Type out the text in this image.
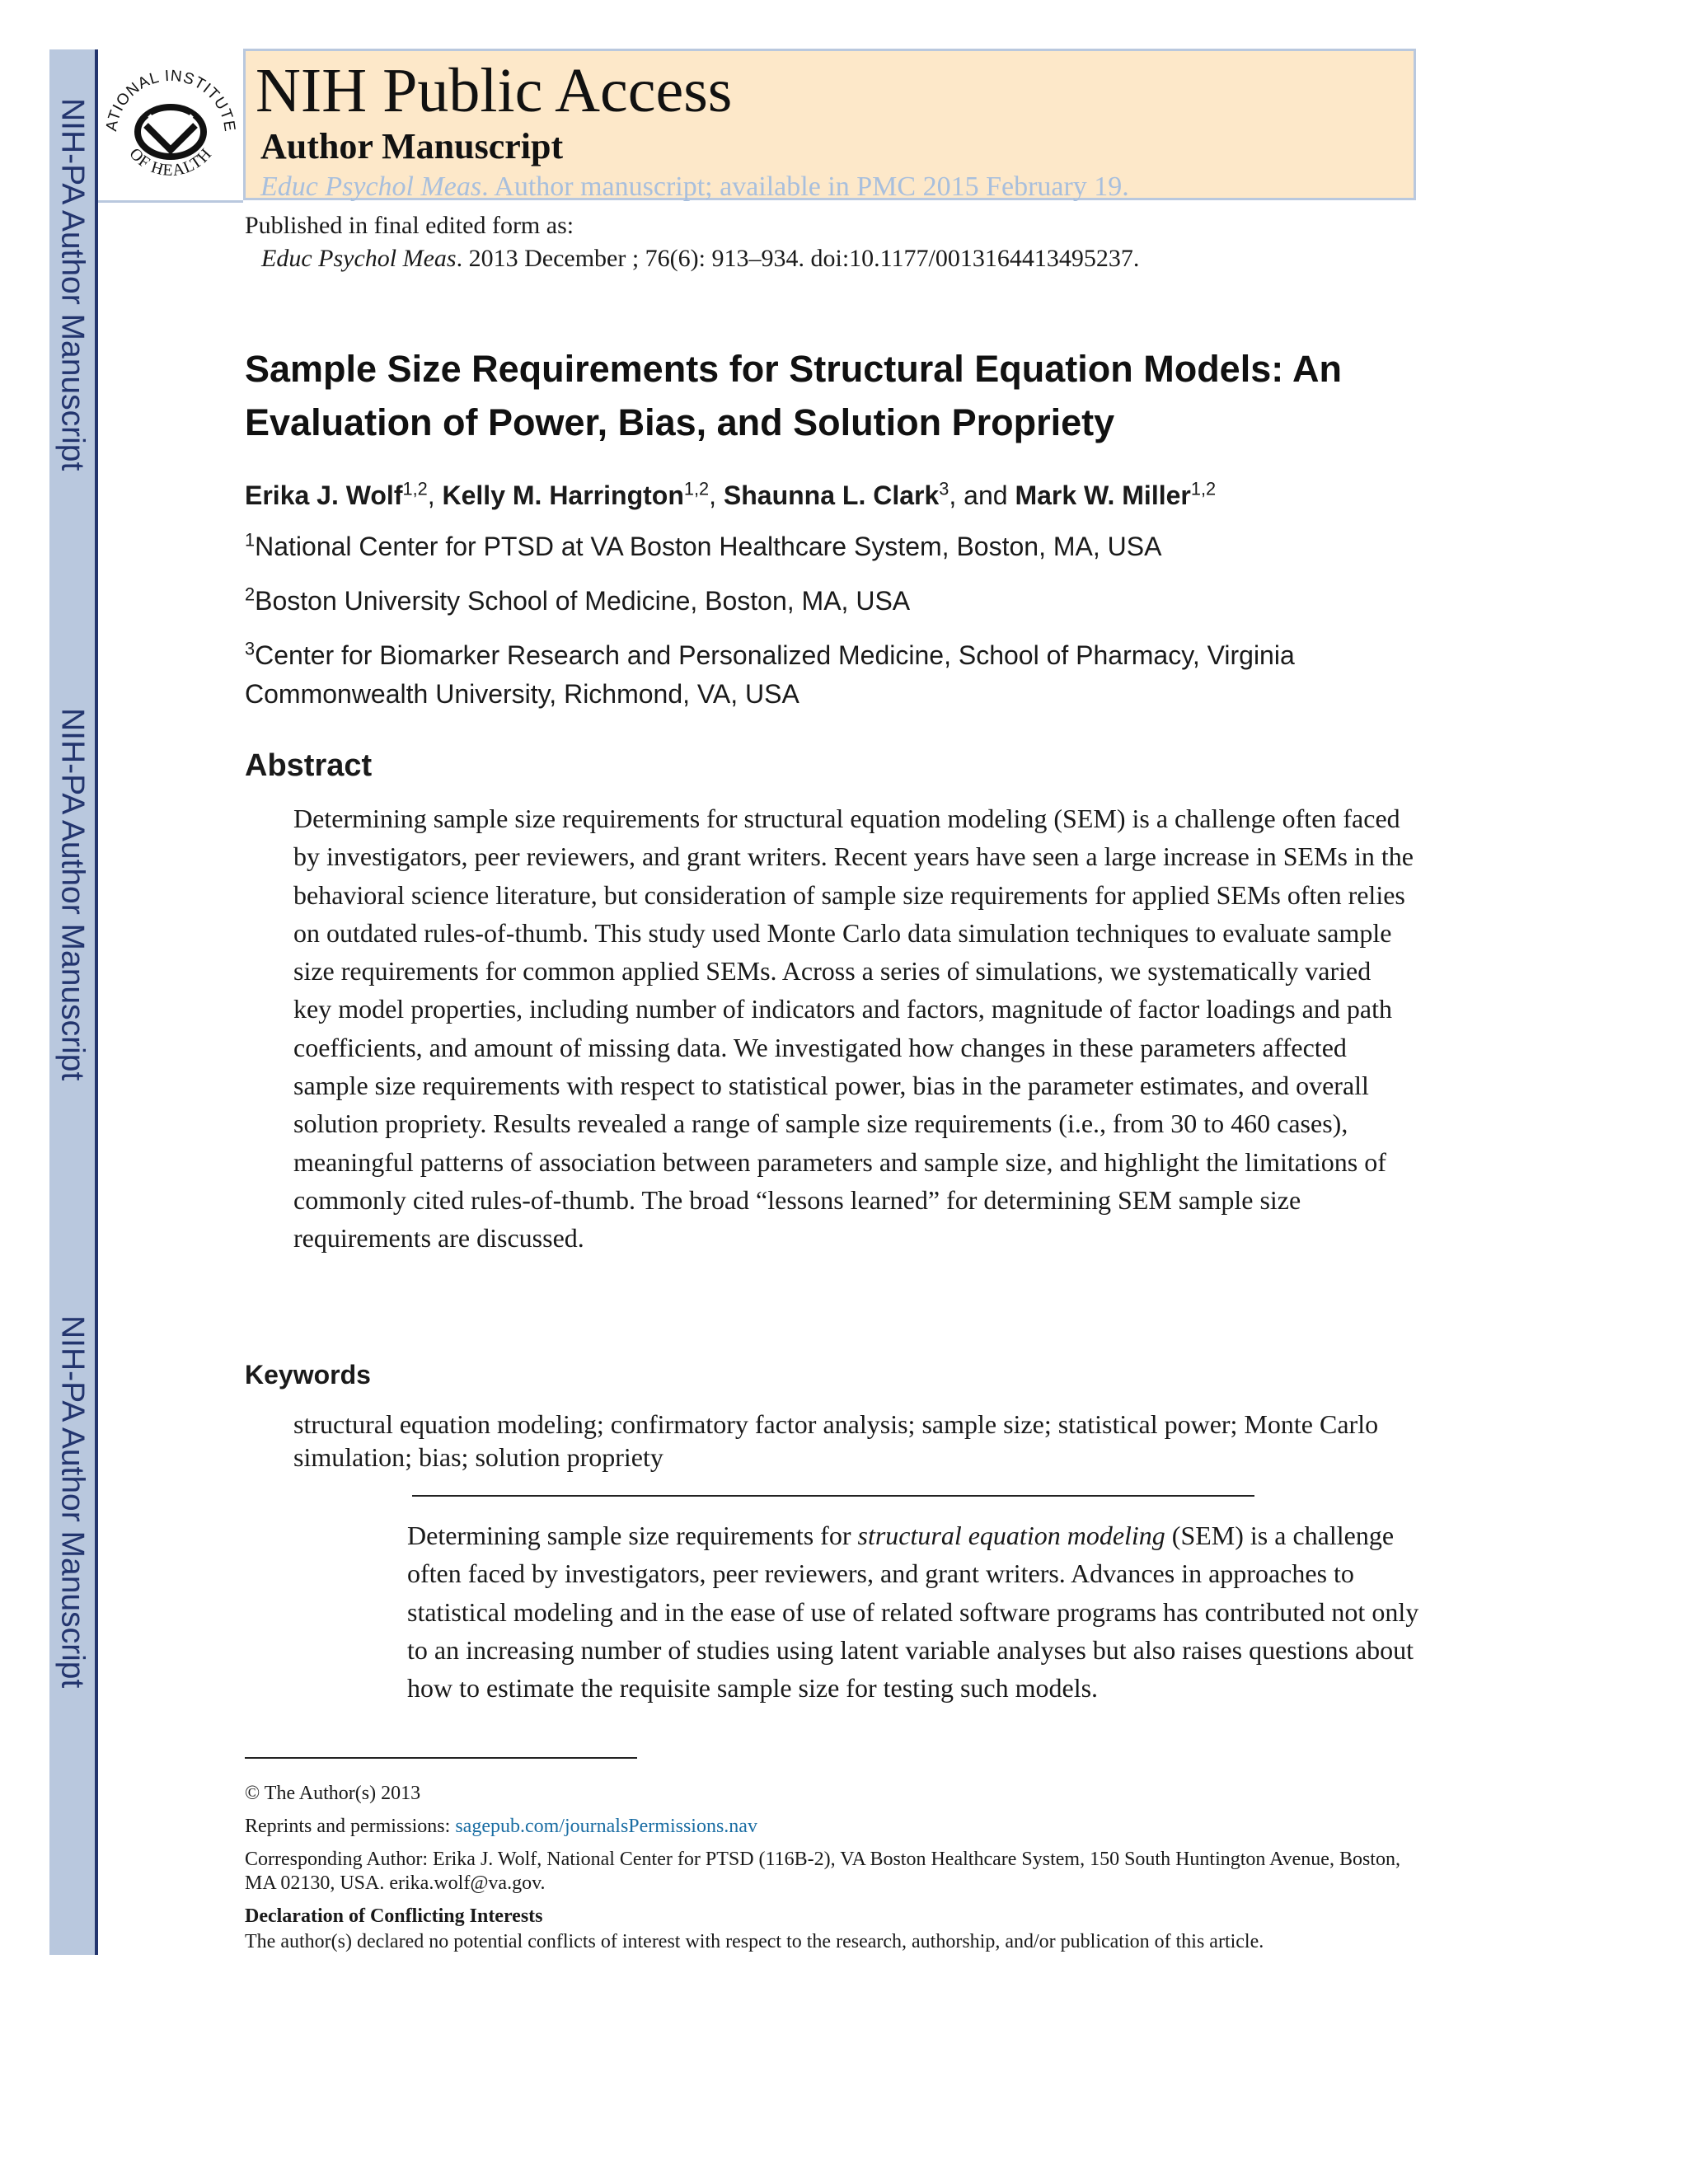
NIH-PA Author Manuscript
NIH-PA Author Manuscript
NIH-PA Author Manuscript
ATIONAL INSTITUTE
OF HEALTH
NIH Public Access
Author Manuscript
Educ Psychol Meas. Author manuscript; available in PMC 2015 February 19.
Published in final edited form as:
Educ Psychol Meas. 2013 December ; 76(6): 913–934. doi:10.1177/0013164413495237.
Sample Size Requirements for Structural Equation Models: An Evaluation of Power, Bias, and Solution Propriety
Erika J. Wolf$^{1,2}$, Kelly M. Harrington$^{1,2}$, Shaunna L. Clark$^3$, and Mark W. Miller$^{1,2}$
$^1$National Center for PTSD at VA Boston Healthcare System, Boston, MA, USA
$^2$Boston University School of Medicine, Boston, MA, USA
$^3$Center for Biomarker Research and Personalized Medicine, School of Pharmacy, Virginia Commonwealth University, Richmond, VA, USA
Abstract

Determining sample size requirements for structural equation modeling (SEM) is a challenge often faced by investigators, peer reviewers, and grant writers. Recent years have seen a large increase in SEMs in the behavioral science literature, but consideration of sample size requirements for applied SEMs often relies on outdated rules-of-thumb. This study used Monte Carlo data simulation techniques to evaluate sample size requirements for common applied SEMs. Across a series of simulations, we systematically varied key model properties, including number of indicators and factors, magnitude of factor loadings and path coefficients, and amount of missing data. We investigated how changes in these parameters affected sample size requirements with respect to statistical power, bias in the parameter estimates, and overall solution propriety. Results revealed a range of sample size requirements (i.e., from 30 to 460 cases), meaningful patterns of association between parameters and sample size, and highlight the limitations of commonly cited rules-of-thumb. The broad “lessons learned” for determining SEM sample size requirements are discussed.

Keywords

structural equation modeling; confirmatory factor analysis; sample size; statistical power; Monte Carlo simulation; bias; solution propriety

Determining sample size requirements for structural equation modeling (SEM) is a challenge often faced by investigators, peer reviewers, and grant writers. Advances in approaches to statistical modeling and in the ease of use of related software programs has contributed not only to an increasing number of studies using latent variable analyses but also raises questions about how to estimate the requisite sample size for testing such models.

© The Author(s) 2013
Reprints and permissions: sagepub.com/journalsPermissions.nav
Corresponding Author: Erika J. Wolf, National Center for PTSD (116B-2), VA Boston Healthcare System, 150 South Huntington Avenue, Boston, MA 02130, USA. erika.wolf@va.gov.
Declaration of Conflicting Interests
The author(s) declared no potential conflicts of interest with respect to the research, authorship, and/or publication of this article.
